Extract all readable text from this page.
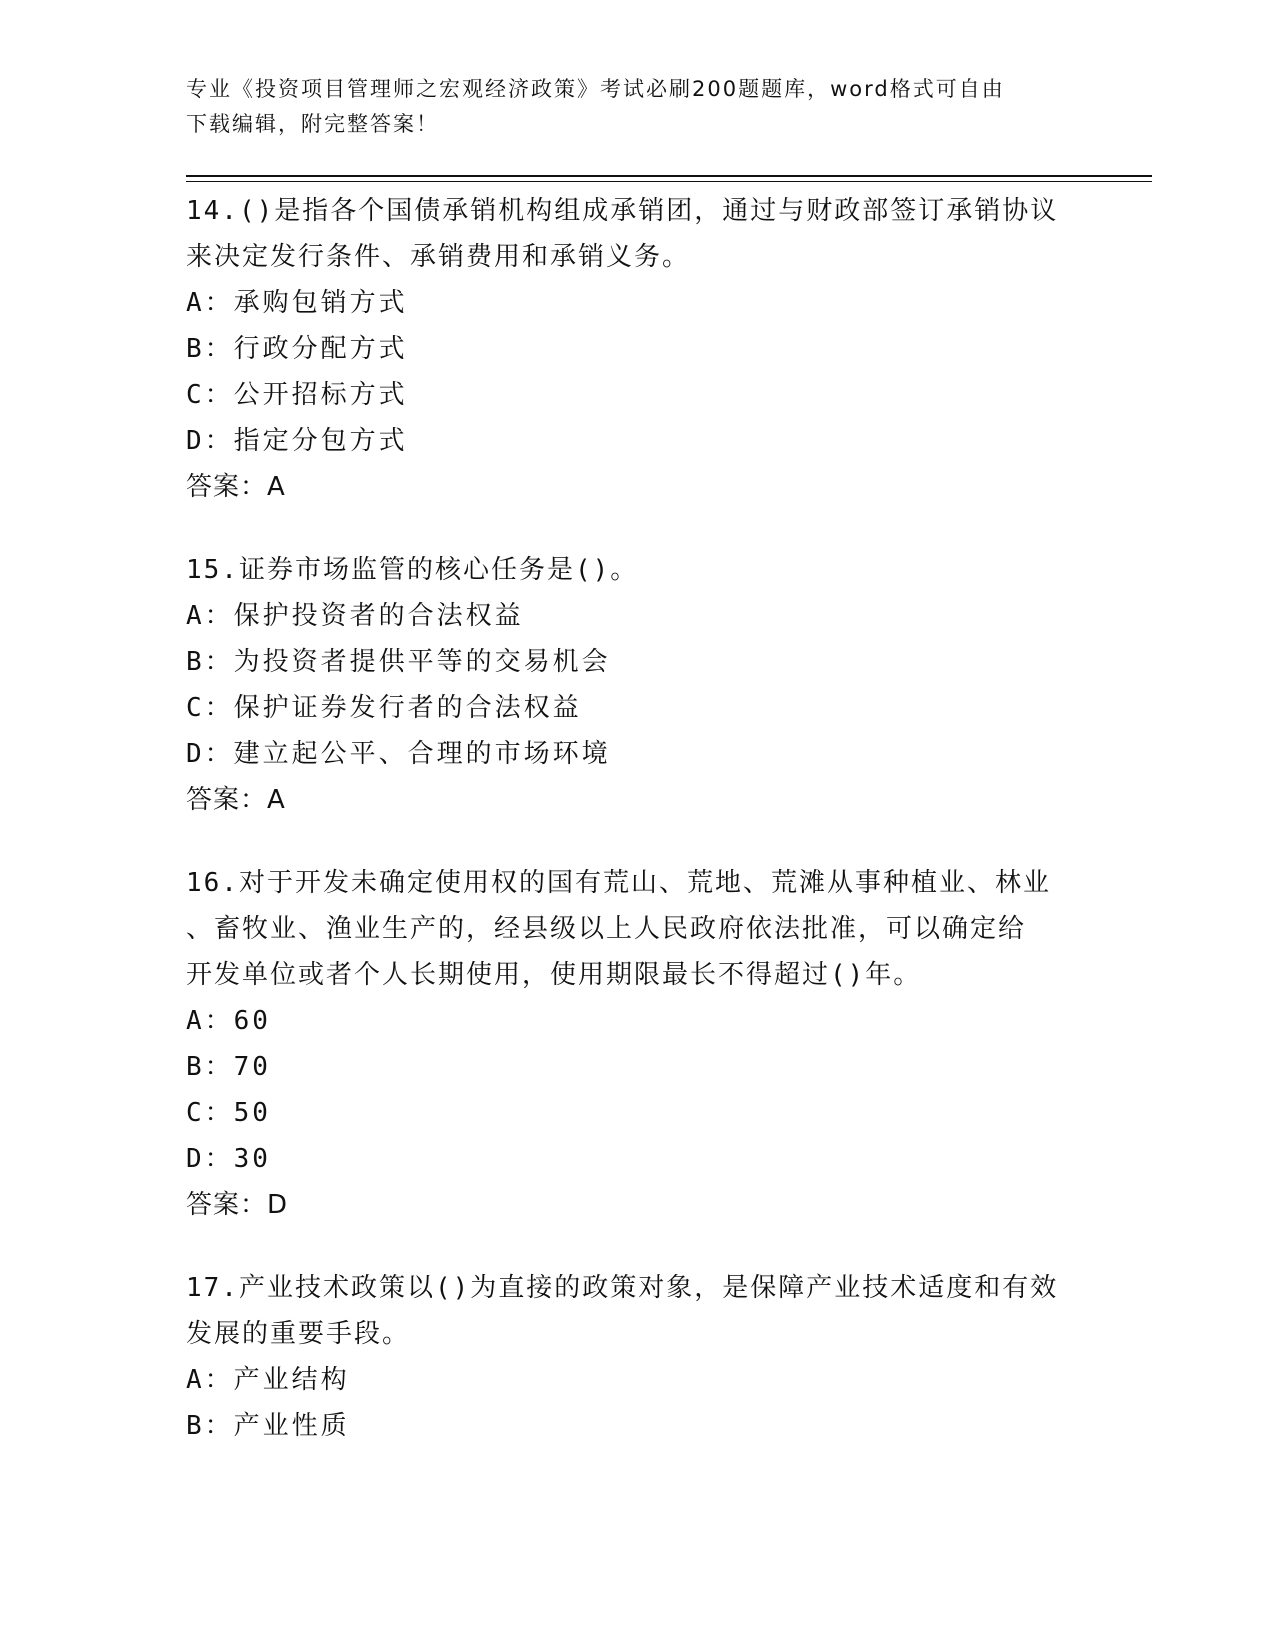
专业《投资项目管理师之宏观经济政策》考试必刷200题题库，word格式可自由
下载编辑，附完整答案！

14.()是指各个国债承销机构组成承销团，通过与财政部签订承销协议

来决定发行条件、承销费用和承销义务。

A：承购包销方式

B：行政分配方式

C：公开招标方式

D：指定分包方式

答案：A

15.证券市场监管的核心任务是()。

A：保护投资者的合法权益

B：为投资者提供平等的交易机会

C：保护证券发行者的合法权益

D：建立起公平、合理的市场环境

答案：A

16.对于开发未确定使用权的国有荒山、荒地、荒滩从事种植业、林业

、畜牧业、渔业生产的，经县级以上人民政府依法批准，可以确定给

开发单位或者个人长期使用，使用期限最长不得超过()年。

A：60

B：70

C：50

D：30

答案：D

17.产业技术政策以()为直接的政策对象，是保障产业技术适度和有效

发展的重要手段。

A：产业结构

B：产业性质
